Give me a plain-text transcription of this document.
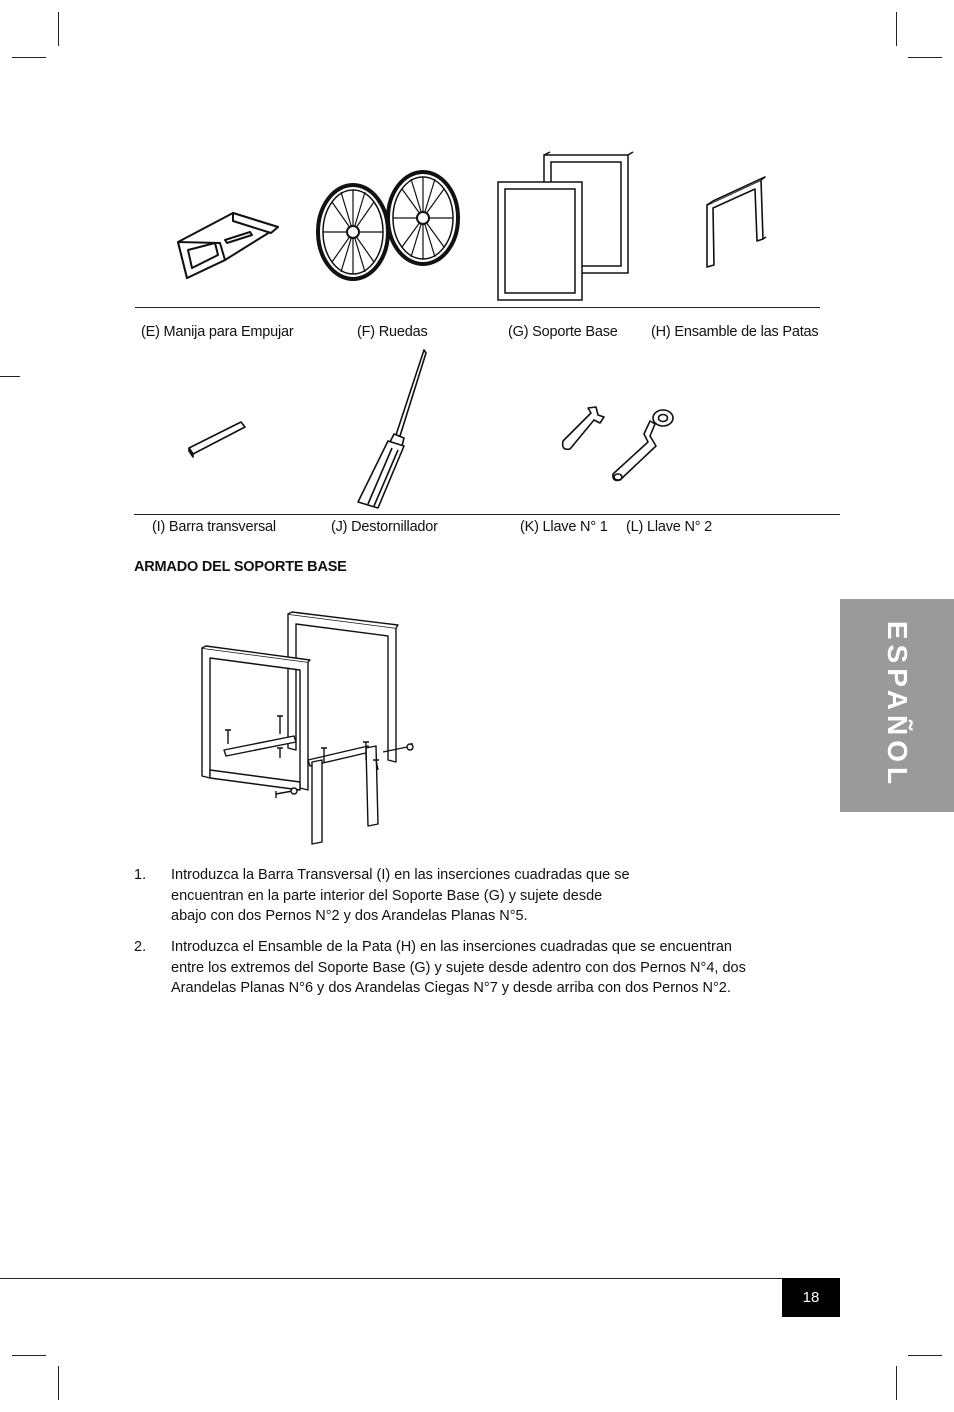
(E) Manija para Empujar	(F) Ruedas	(G) Soporte Base (H) Ensamble de las Patas
(I) Barra transversal	(J) Destornillador	(K) Llave N° 1 (L) Llave N° 2
ARMADO DEL SOPORTE BASE
1. Introduzca la Barra Transversal (I) en las inserciones cuadradas que se
encuentran en la parte interior del Soporte Base (G) y sujete desde
abajo con dos Pernos N°2 y dos Arandelas Planas N°5.
2. Introduzca el Ensamble de la Pata (H) en las inserciones cuadradas que se encuentran
entre los extremos del Soporte Base (G) y sujete desde adentro con dos Pernos N°4, dos
Arandelas Planas N°6 y dos Arandelas Ciegas N°7 y desde arriba con dos Pernos N°2.
ESPAÑOL
18
